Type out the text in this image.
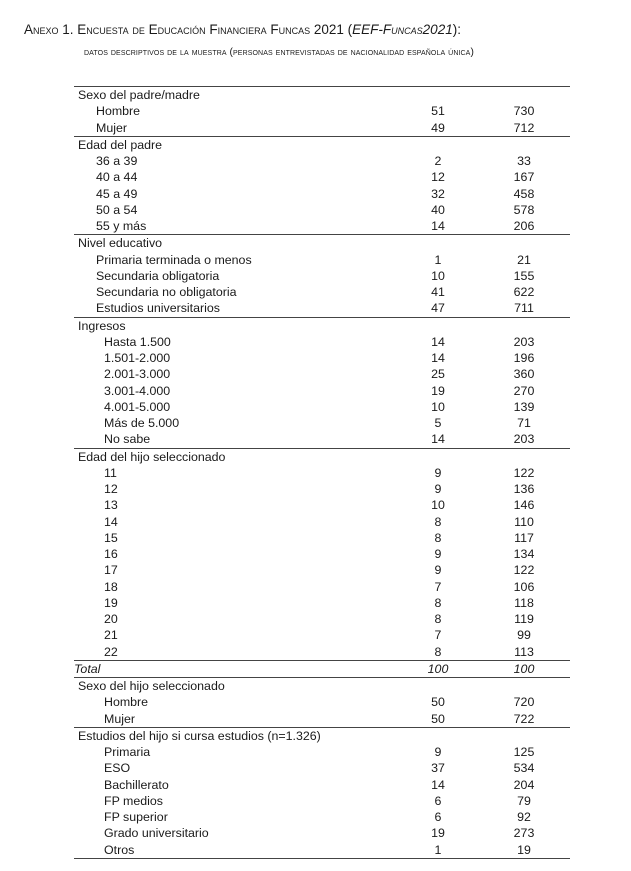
Anexo 1. Encuesta de Educación Financiera Funcas 2021 (EEF-Funcas2021):
datos descriptivos de la muestra (personas entrevistadas de nacionalidad española única)
Sexo del padre/madre
Hombre	51	730
Mujer	49	712
Edad del padre
36 a 39	2	33
40 a 44	12	167
45 a 49	32	458
50 a 54	40	578
55 y más	14	206
Nivel educativo
Primaria terminada o menos	1	21
Secundaria obligatoria	10	155
Secundaria no obligatoria	41	622
Estudios universitarios	47	711
Ingresos
Hasta 1.500	14	203
1.501-2.000	14	196
2.001-3.000	25	360
3.001-4.000	19	270
4.001-5.000	10	139
Más de 5.000	5	71
No sabe	14	203
Edad del hijo seleccionado
11	9	122
12	9	136
13	10	146
14	8	110
15	8	117
16	9	134
17	9	122
18	7	106
19	8	118
20	8	119
21	7	99
22	8	113
Total	100	100
Sexo del hijo seleccionado
Hombre	50	720
Mujer	50	722
Estudios del hijo si cursa estudios (n=1.326)
Primaria	9	125
ESO	37	534
Bachillerato	14	204
FP medios	6	79
FP superior	6	92
Grado universitario	19	273
Otros	1	19
